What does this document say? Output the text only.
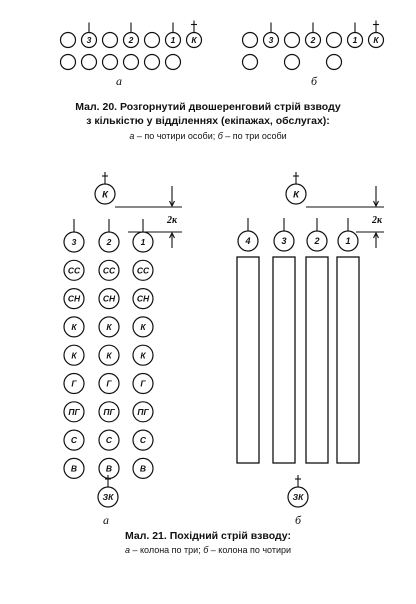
3	2	1 К	3	2	1 К
К
2к
3
СС
СН
К
К
Г
ПГ
С
В
2
СС
СН
К
К
Г
ПГ
С
В
1
СС
СН
К
К
Г
ПГ
С
В
ЗК
К
2к
4	3	2	1
ЗК
а	б
Мал. 20. Розгорнутий двошеренговий стрій взводу
з кількістю у відділеннях (екіпажах, обслугах):
а – по чотири особи; б – по три особи
а	б
Мал. 21. Похідний стрій взводу:
а – колона по три; б – колона по чотири
